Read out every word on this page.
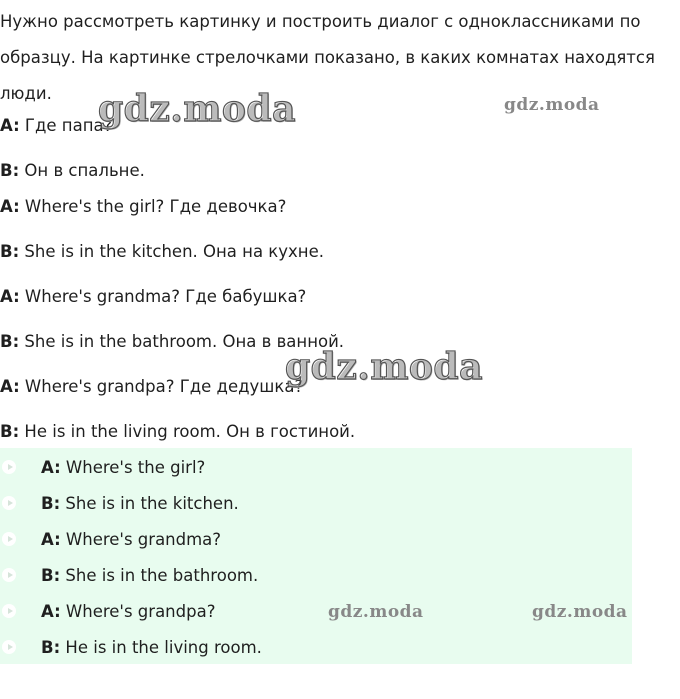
Нужно рассмотреть картинку и построить диалог с одноклассниками по образцу. На картинке стрелочками показано, в каких комнатах находятся люди.

A: Где папа?
B: Он в спальне.
A: Where's the girl? Где девочка?
B: She is in the kitchen. Она на кухне.
A: Where's grandma? Где бабушка?
B: She is in the bathroom. Она в ванной.
A: Where's grandpa? Где дедушка?
B: He is in the living room. Он в гостиной.
A: Where's the girl?
B: She is in the kitchen.
A: Where's grandma?
B: She is in the bathroom.
A: Where's grandpa?
B: He is in the living room.
gdz.moda	gdz.moda
gdz.moda
gdz.moda	gdz.moda
